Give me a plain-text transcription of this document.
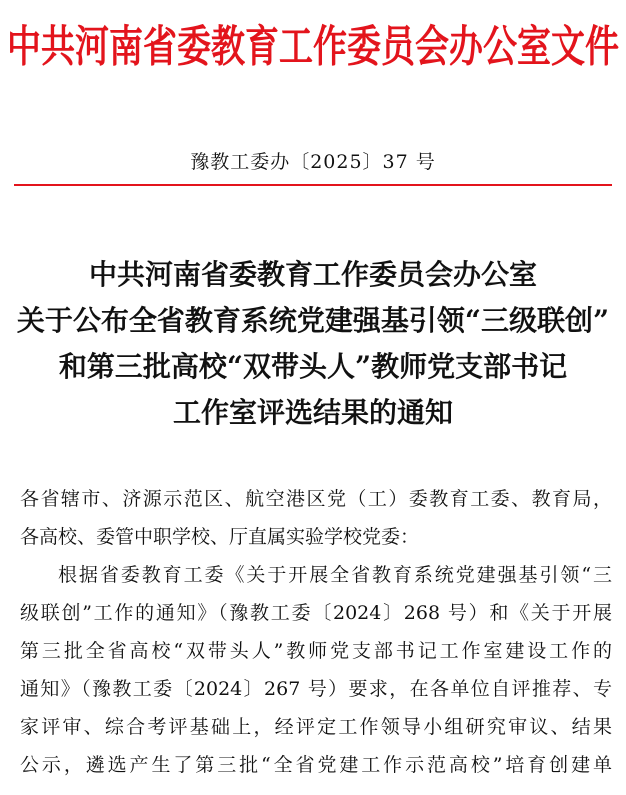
中共河南省委教育工作委员会办公室文件
豫教工委办〔2025〕37 号
中共河南省委教育工作委员会办公室
关于公布全省教育系统党建强基引领“三级联创”
和第三批高校“双带头人”教师党支部书记
工作室评选结果的通知
各省辖市、济源示范区、航空港区党（工）委教育工委、教育局，
各高校、委管中职学校、厅直属实验学校党委：
根据省委教育工委《关于开展全省教育系统党建强基引领“三
级联创”工作的通知》（豫教工委〔2024〕268 号）和《关于开展
第三批全省高校“双带头人”教师党支部书记工作室建设工作的
通知》（豫教工委〔2024〕267 号）要求，在各单位自评推荐、专
家评审、综合考评基础上，经评定工作领导小组研究审议、结果
公示，遴选产生了第三批“全省党建工作示范高校”培育创建单
